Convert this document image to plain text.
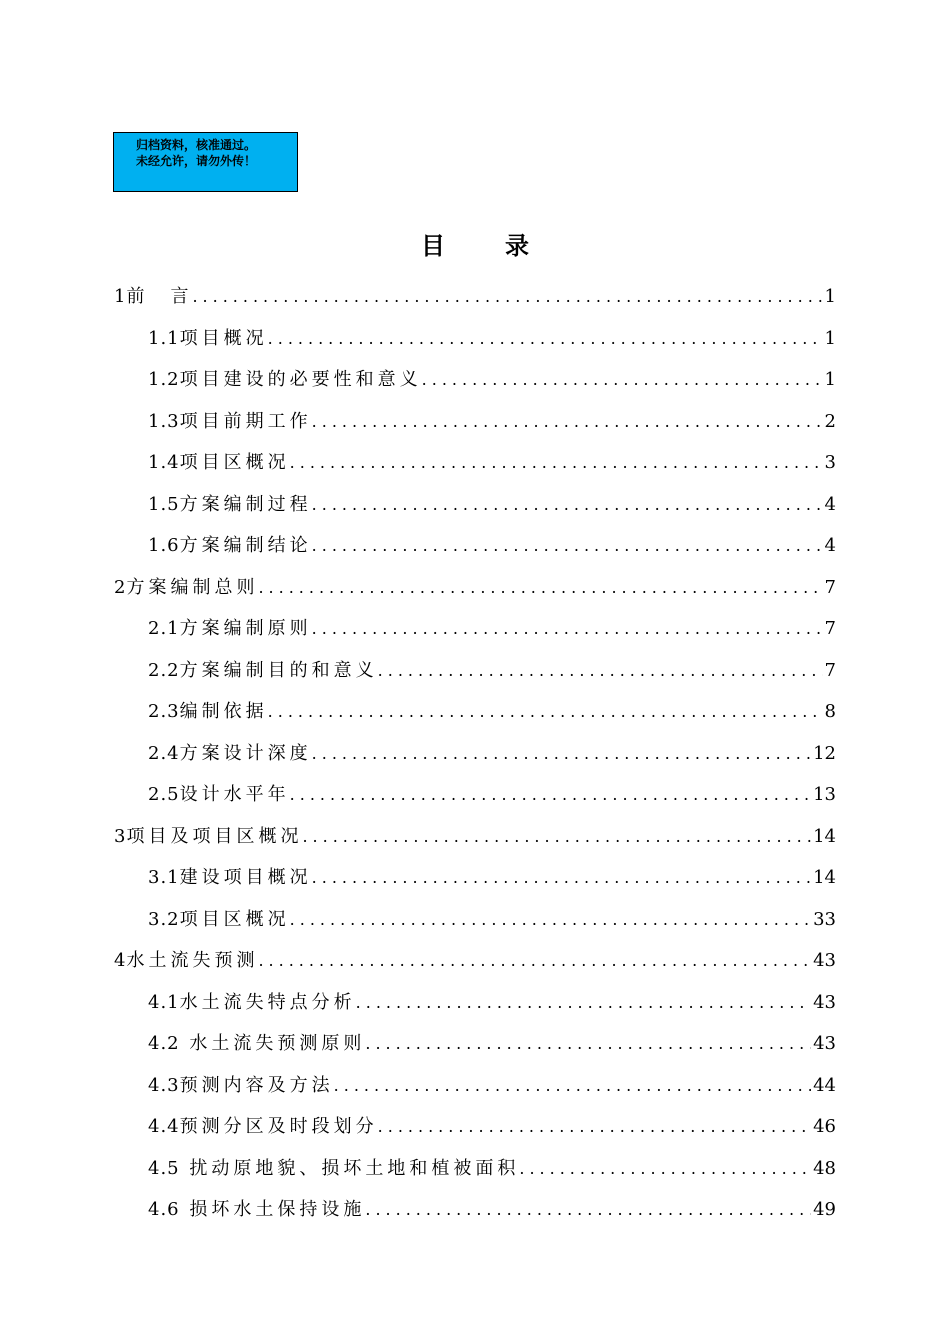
归档资料，核准通过。
未经允许，请勿外传！
目录
1 前　言 .....	1
1.1 项目概况 .....	1
1.2 项目建设的必要性和意义 .....	1
1.3 项目前期工作 .....	2
1.4 项目区概况 .....	3
1.5 方案编制过程 .....	4
1.6 方案编制结论 .....	4
2 方案编制总则 .....	7
2.1 方案编制原则 .....	7
2.2 方案编制目的和意义 .....	7
2.3 编制依据 .....	8
2.4 方案设计深度 .....	12
2.5 设计水平年 .....	13
3 项目及项目区概况 .....	14
3.1 建设项目概况 .....	14
3.2 项目区概况 .....	33
4 水土流失预测 .....	43
4.1 水土流失特点分析 .....	43
4.2 水土流失预测原则 .....	43
4.3 预测内容及方法 .....	44
4.4 预测分区及时段划分 .....	46
4.5 扰动原地貌、损坏土地和植被面积 .....	48
4.6 损坏水土保持设施 .....	49
